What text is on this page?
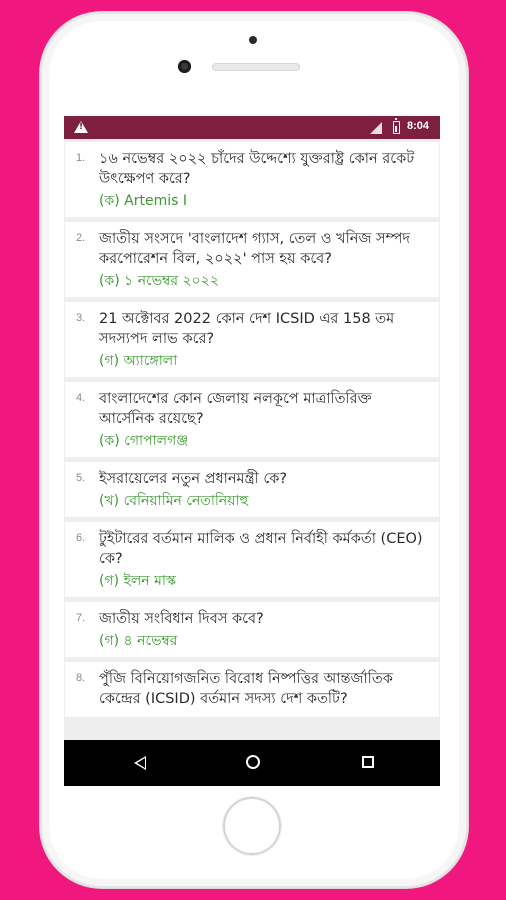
!
8:04
1. ১৬ নভেম্বর ২০২২ চাঁদের উদ্দেশ্যে যুক্তরাষ্ট্র কোন রকেট উৎক্ষেপণ করে?
(ক) Artemis I
2. জাতীয় সংসদে 'বাংলাদেশ গ্যাস, তেল ও খনিজ সম্পদ করপোরেশন বিল, ২০২২' পাস হয় কবে?
(ক) ১ নভেম্বর ২০২২
3. 21 অক্টোবর 2022 কোন দেশ ICSID এর 158 তম সদস্যপদ লাভ করে?
(গ) অ্যাঙ্গোলা
4. বাংলাদেশের কোন জেলায় নলকূপে মাত্রাতিরিক্ত আর্সেনিক রয়েছে?
(ক) গোপালগঞ্জ
5. ইসরায়েলের নতুন প্রধানমন্ত্রী কে?
(খ) বেনিয়ামিন নেতানিয়াহু
6. টুইটারের বর্তমান মালিক ও প্রধান নির্বাহী কর্মকর্তা (CEO) কে?
(গ) ইলন মাস্ক
7. জাতীয় সংবিধান দিবস কবে?
(গ) ৪ নভেম্বর
8. পুঁজি বিনিয়োগজনিত বিরোধ নিষ্পত্তির আন্তর্জাতিক কেন্দ্রের (ICSID) বর্তমান সদস্য দেশ কতটি?
